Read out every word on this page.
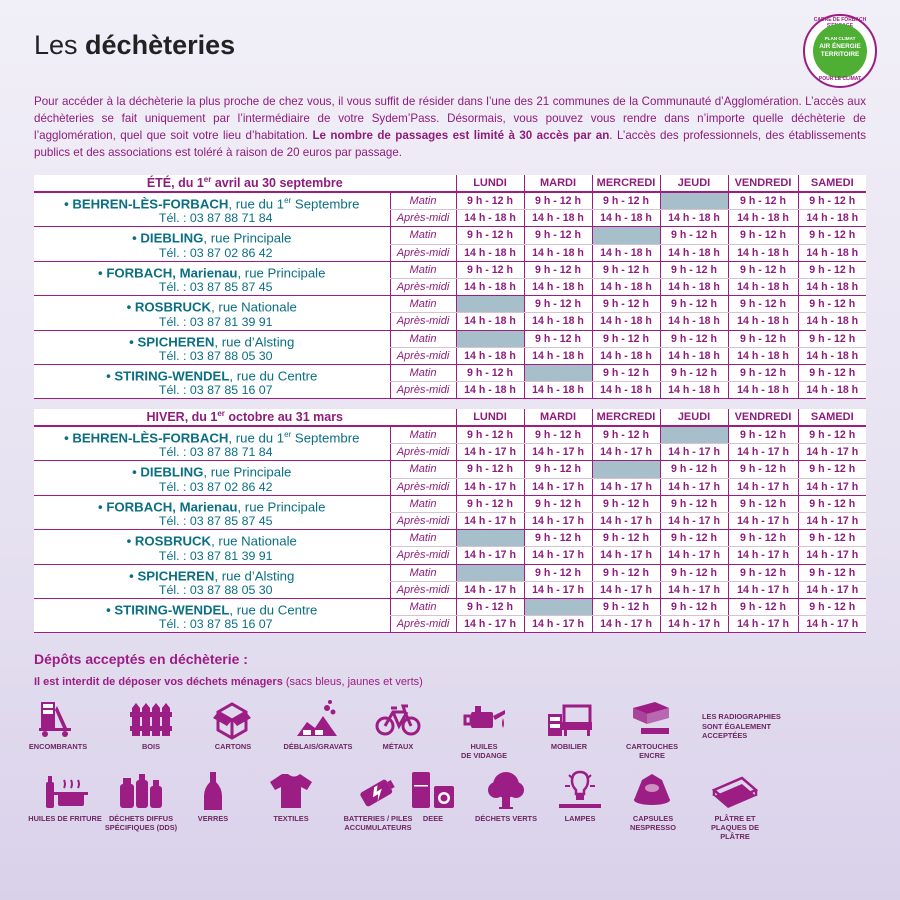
Les déchèteries
CADRE DE FORBACH
PLAN CLIMAT
AIR ÉNERGIE
TERRITOIRE
POUR LE CLIMAT
Pour accéder à la déchèterie la plus proche de chez vous, il vous suffit de résider dans l’une des 21 communes de la Communauté d’Agglomération. L’accès aux déchèteries se fait uniquement par l’intermédiaire de votre Sydem’Pass. Désormais, vous pouvez vous rendre dans n’importe quelle déchèterie de l’agglomération, quel que soit votre lieu d’habitation. Le nombre de passages est limité à 30 accès par an. L’accès des professionnels, des établissements publics et des associations est toléré à raison de 20 euros par passage.
ÉTÉ, du 1er avril au 30 septembre		LUNDI	MARDI	MERCREDI	JEUDI	VENDREDI	SAMEDI

• BEHREN-LÈS-FORBACH, rue du 1er Septembre
Tél. : 03 87 88 71 84	Matin	9 h - 12 h	9 h - 12 h	9 h - 12 h		9 h - 12 h	9 h - 12 h
	Après-midi	14 h - 18 h	14 h - 18 h	14 h - 18 h	14 h - 18 h	14 h - 18 h	14 h - 18 h

• DIEBLING, rue Principale
Tél. : 03 87 02 86 42	Matin	9 h - 12 h	9 h - 12 h		9 h - 12 h	9 h - 12 h	9 h - 12 h
	Après-midi	14 h - 18 h	14 h - 18 h	14 h - 18 h	14 h - 18 h	14 h - 18 h	14 h - 18 h

• FORBACH, Marienau, rue Principale
Tél. : 03 87 85 87 45	Matin	9 h - 12 h	9 h - 12 h	9 h - 12 h	9 h - 12 h	9 h - 12 h	9 h - 12 h
	Après-midi	14 h - 18 h	14 h - 18 h	14 h - 18 h	14 h - 18 h	14 h - 18 h	14 h - 18 h

• ROSBRUCK, rue Nationale
Tél. : 03 87 81 39 91	Matin		9 h - 12 h	9 h - 12 h	9 h - 12 h	9 h - 12 h	9 h - 12 h
	Après-midi	14 h - 18 h	14 h - 18 h	14 h - 18 h	14 h - 18 h	14 h - 18 h	14 h - 18 h

• SPICHEREN, rue d’Alsting
Tél. : 03 87 88 05 30	Matin		9 h - 12 h	9 h - 12 h	9 h - 12 h	9 h - 12 h	9 h - 12 h
	Après-midi	14 h - 18 h	14 h - 18 h	14 h - 18 h	14 h - 18 h	14 h - 18 h	14 h - 18 h

• STIRING-WENDEL, rue du Centre
Tél. : 03 87 85 16 07	Matin	9 h - 12 h		9 h - 12 h	9 h - 12 h	9 h - 12 h	9 h - 12 h
	Après-midi	14 h - 18 h	14 h - 18 h	14 h - 18 h	14 h - 18 h	14 h - 18 h	14 h - 18 h
HIVER, du 1er octobre au 31 mars		LUNDI	MARDI	MERCREDI	JEUDI	VENDREDI	SAMEDI

• BEHREN-LÈS-FORBACH, rue du 1er Septembre
Tél. : 03 87 88 71 84	Matin	9 h - 12 h	9 h - 12 h	9 h - 12 h		9 h - 12 h	9 h - 12 h
	Après-midi	14 h - 17 h	14 h - 17 h	14 h - 17 h	14 h - 17 h	14 h - 17 h	14 h - 17 h

• DIEBLING, rue Principale
Tél. : 03 87 02 86 42	Matin	9 h - 12 h	9 h - 12 h		9 h - 12 h	9 h - 12 h	9 h - 12 h
	Après-midi	14 h - 17 h	14 h - 17 h	14 h - 17 h	14 h - 17 h	14 h - 17 h	14 h - 17 h

• FORBACH, Marienau, rue Principale
Tél. : 03 87 85 87 45	Matin	9 h - 12 h	9 h - 12 h	9 h - 12 h	9 h - 12 h	9 h - 12 h	9 h - 12 h
	Après-midi	14 h - 17 h	14 h - 17 h	14 h - 17 h	14 h - 17 h	14 h - 17 h	14 h - 17 h

• ROSBRUCK, rue Nationale
Tél. : 03 87 81 39 91	Matin		9 h - 12 h	9 h - 12 h	9 h - 12 h	9 h - 12 h	9 h - 12 h
	Après-midi	14 h - 17 h	14 h - 17 h	14 h - 17 h	14 h - 17 h	14 h - 17 h	14 h - 17 h

• SPICHEREN, rue d’Alsting
Tél. : 03 87 88 05 30	Matin		9 h - 12 h	9 h - 12 h	9 h - 12 h	9 h - 12 h	9 h - 12 h
	Après-midi	14 h - 17 h	14 h - 17 h	14 h - 17 h	14 h - 17 h	14 h - 17 h	14 h - 17 h

• STIRING-WENDEL, rue du Centre
Tél. : 03 87 85 16 07	Matin	9 h - 12 h		9 h - 12 h	9 h - 12 h	9 h - 12 h	9 h - 12 h
	Après-midi	14 h - 17 h	14 h - 17 h	14 h - 17 h	14 h - 17 h	14 h - 17 h	14 h - 17 h
Dépôts acceptés en déchèterie :
Il est interdit de déposer vos déchets ménagers (sacs bleus, jaunes et verts)
ENCOMBRANTS	BOIS	CARTONS	DÉBLAIS/GRAVATS	MÉTAUX	HUILES
DE VIDANGE
MOBILIER	CARTOUCHES
ENCRE
HUILES DE FRITURE DÉCHETS DIFFUS
SPÉCIFIQUES (DDS)
VERRES	TEXTILES	BATTERIES / PILES
ACCUMULATEURS
DEEE	DÉCHETS VERTS	LAMPES	CAPSULES
NESPRESSO
PLÂTRE ET
PLAQUES DE PLÂTRE
LES RADIOGRAPHIES
SONT ÉGALEMENT
ACCEPTÉES
